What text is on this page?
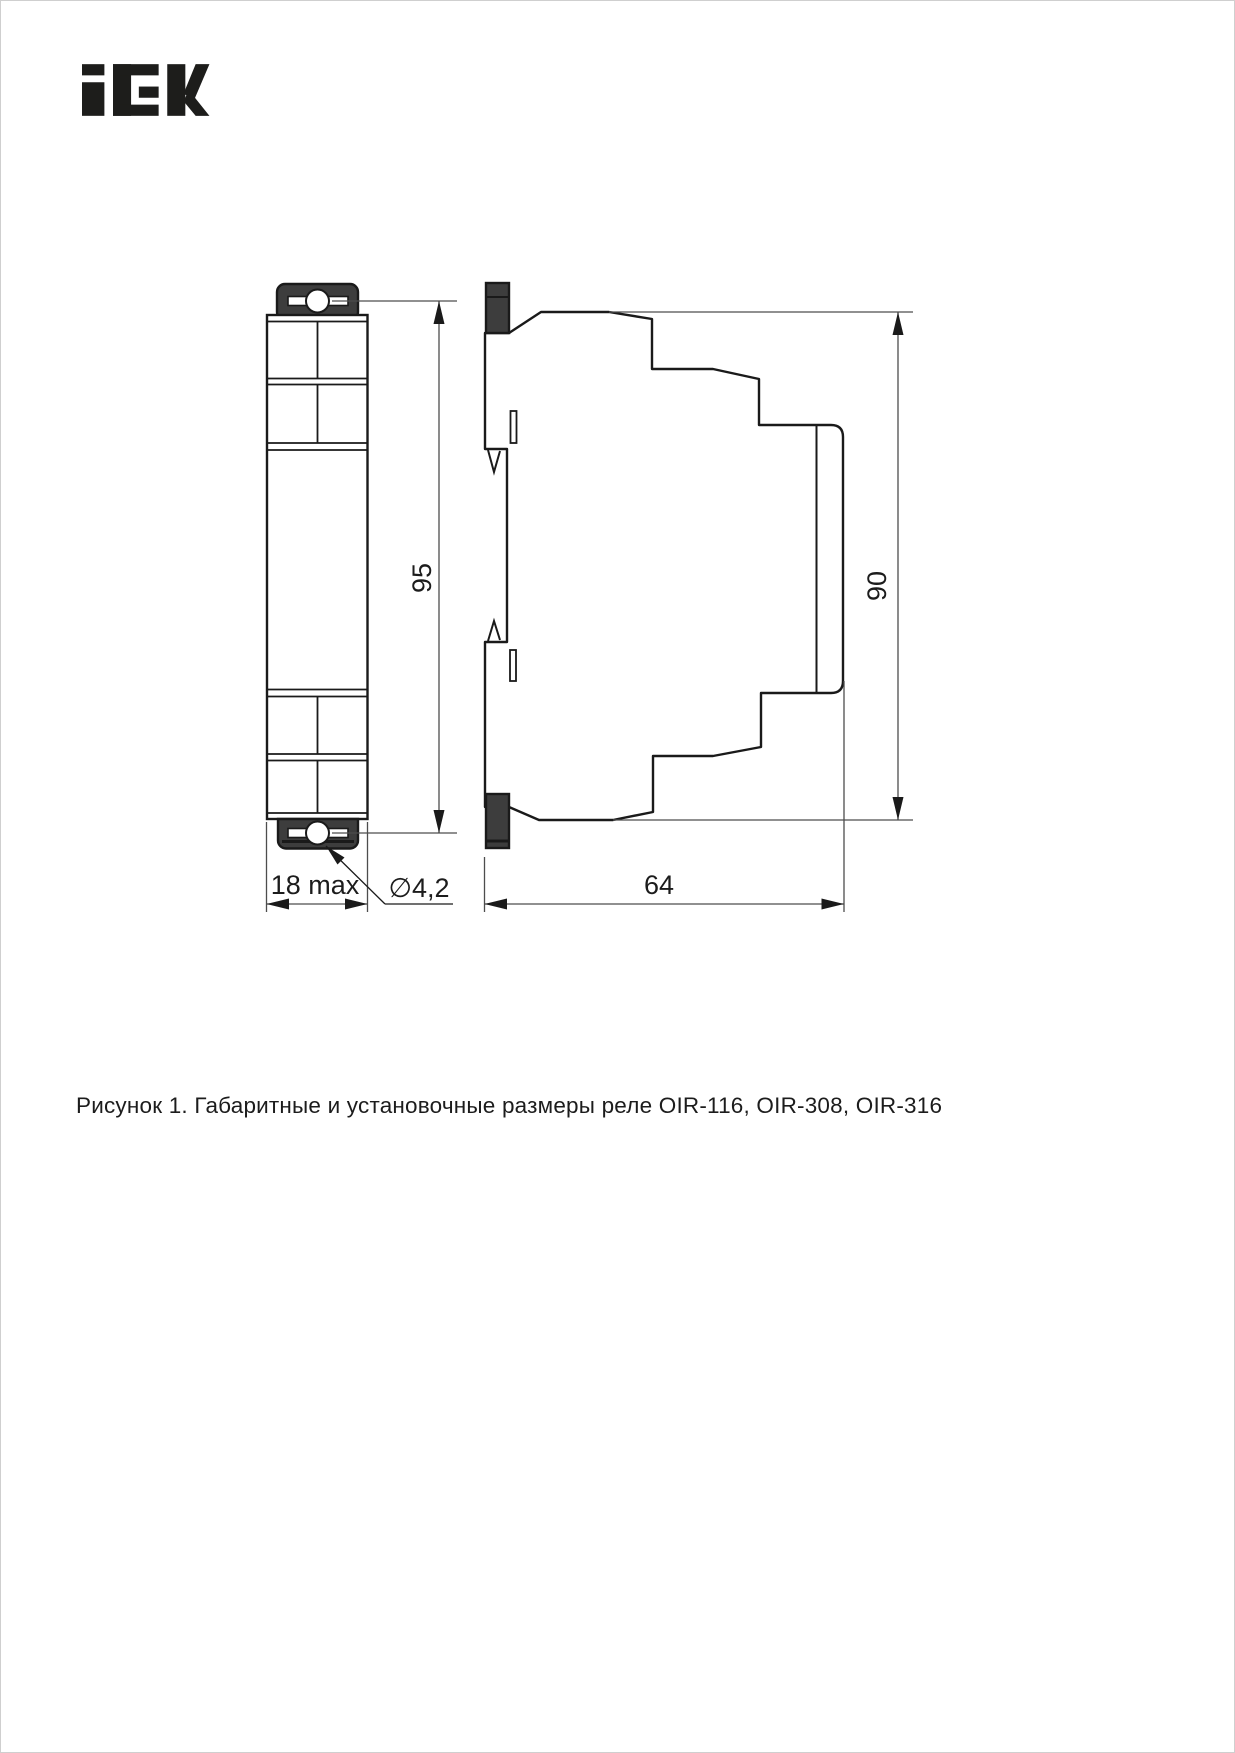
95
18 max ∅4,2
90
64
Рисунок 1. Габаритные и установочные размеры реле OIR-116, OIR-308, OIR-316
